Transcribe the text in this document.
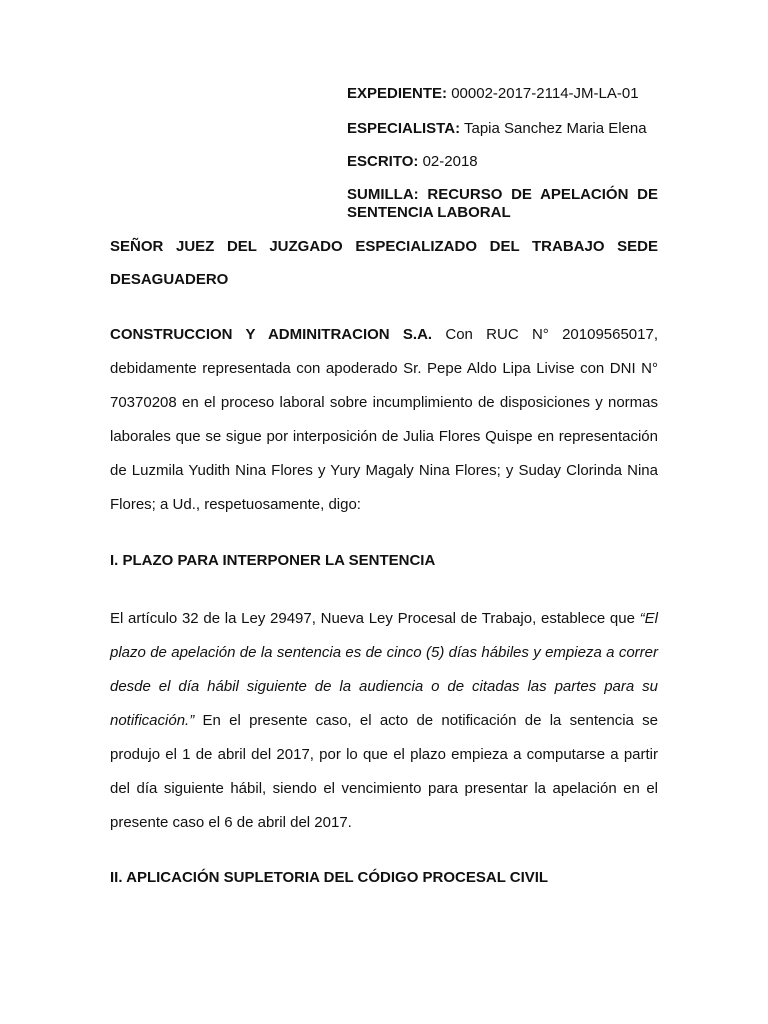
EXPEDIENTE: 00002-2017-2114-JM-LA-01
ESPECIALISTA: Tapia Sanchez Maria Elena
ESCRITO: 02-2018
SUMILLA: RECURSO DE APELACIÓN DE
SENTENCIA LABORAL
SEÑOR JUEZ DEL JUZGADO ESPECIALIZADO DEL TRABAJO SEDE
DESAGUADERO
CONSTRUCCION Y ADMINITRACION S.A. Con RUC N° 20109565017,
debidamente representada con apoderado Sr. Pepe Aldo Lipa Livise con DNI N°
70370208 en el proceso laboral sobre incumplimiento de disposiciones y normas
laborales que se sigue por interposición de Julia Flores Quispe en representación
de Luzmila Yudith Nina Flores y Yury Magaly Nina Flores; y Suday Clorinda Nina
Flores; a Ud., respetuosamente, digo:
I. PLAZO PARA INTERPONER LA SENTENCIA
El artículo 32 de la Ley 29497, Nueva Ley Procesal de Trabajo, establece que “El
plazo de apelación de la sentencia es de cinco (5) días hábiles y empieza a correr
desde el día hábil siguiente de la audiencia o de citadas las partes para su
notificación.” En el presente caso, el acto de notificación de la sentencia se
produjo el 1 de abril del 2017, por lo que el plazo empieza a computarse a partir
del día siguiente hábil, siendo el vencimiento para presentar la apelación en el
presente caso el 6 de abril del 2017.
II. APLICACIÓN SUPLETORIA DEL CÓDIGO PROCESAL CIVIL
